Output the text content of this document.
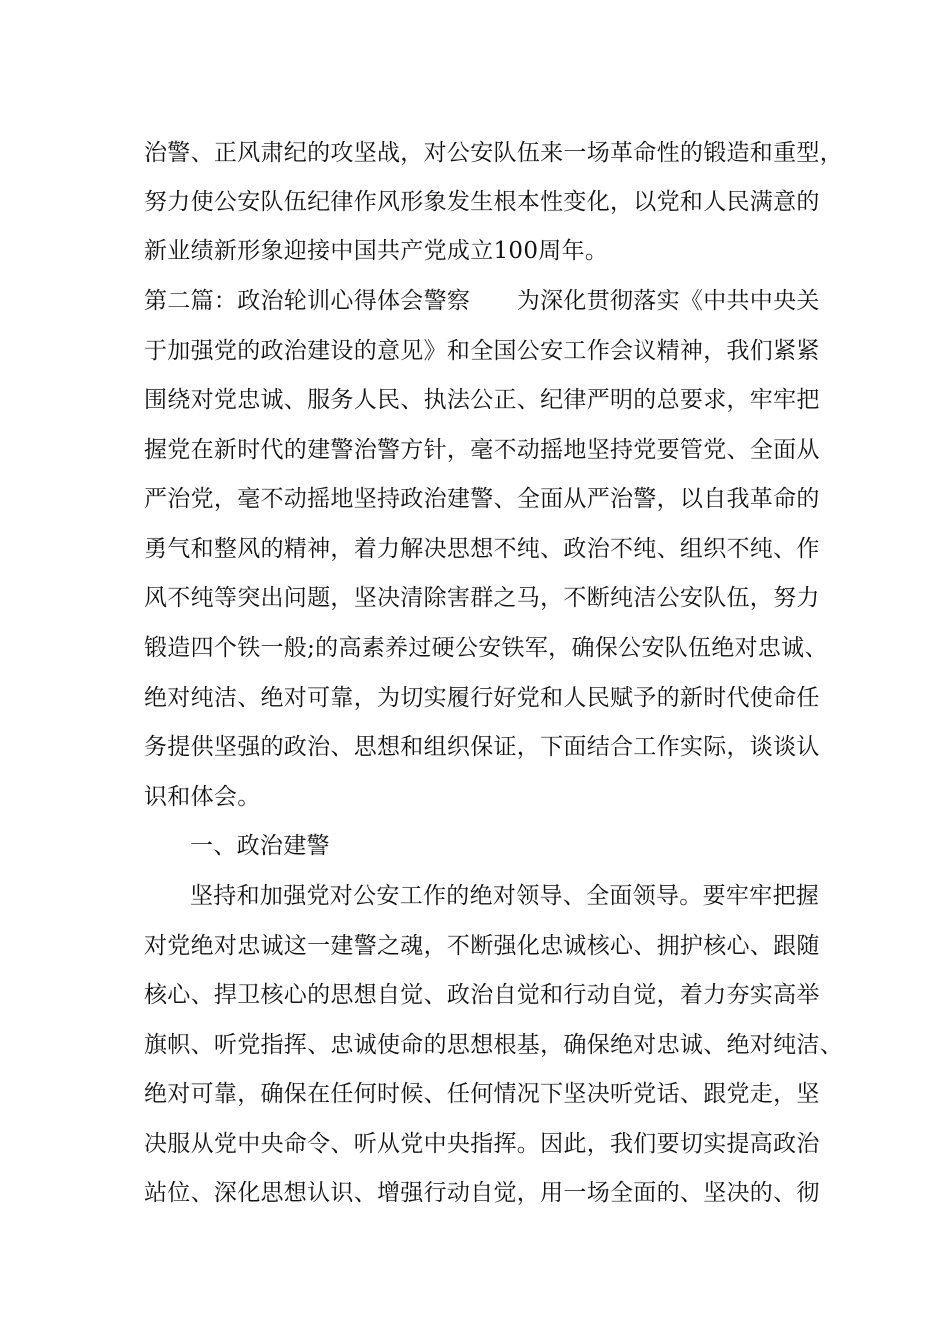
治警、正风肃纪的攻坚战，对公安队伍来一场革命性的锻造和重型，
努力使公安队伍纪律作风形象发生根本性变化，以党和人民满意的
新业绩新形象迎接中国共产党成立100周年。
第二篇：政治轮训心得体会警察　　为深化贯彻落实《中共中央关
于加强党的政治建设的意见》和全国公安工作会议精神，我们紧紧
围绕对党忠诚、服务人民、执法公正、纪律严明的总要求，牢牢把
握党在新时代的建警治警方针，毫不动摇地坚持党要管党、全面从
严治党，毫不动摇地坚持政治建警、全面从严治警，以自我革命的
勇气和整风的精神，着力解决思想不纯、政治不纯、组织不纯、作
风不纯等突出问题，坚决清除害群之马，不断纯洁公安队伍，努力
锻造四个铁一般;的高素养过硬公安铁军，确保公安队伍绝对忠诚、
绝对纯洁、绝对可靠，为切实履行好党和人民赋予的新时代使命任
务提供坚强的政治、思想和组织保证，下面结合工作实际，谈谈认
识和体会。
一、政治建警
坚持和加强党对公安工作的绝对领导、全面领导。要牢牢把握
对党绝对忠诚这一建警之魂，不断强化忠诚核心、拥护核心、跟随
核心、捍卫核心的思想自觉、政治自觉和行动自觉，着力夯实高举
旗帜、听党指挥、忠诚使命的思想根基，确保绝对忠诚、绝对纯洁、
绝对可靠，确保在任何时候、任何情况下坚决听党话、跟党走，坚
决服从党中央命令、听从党中央指挥。因此，我们要切实提高政治
站位、深化思想认识、增强行动自觉，用一场全面的、坚决的、彻
